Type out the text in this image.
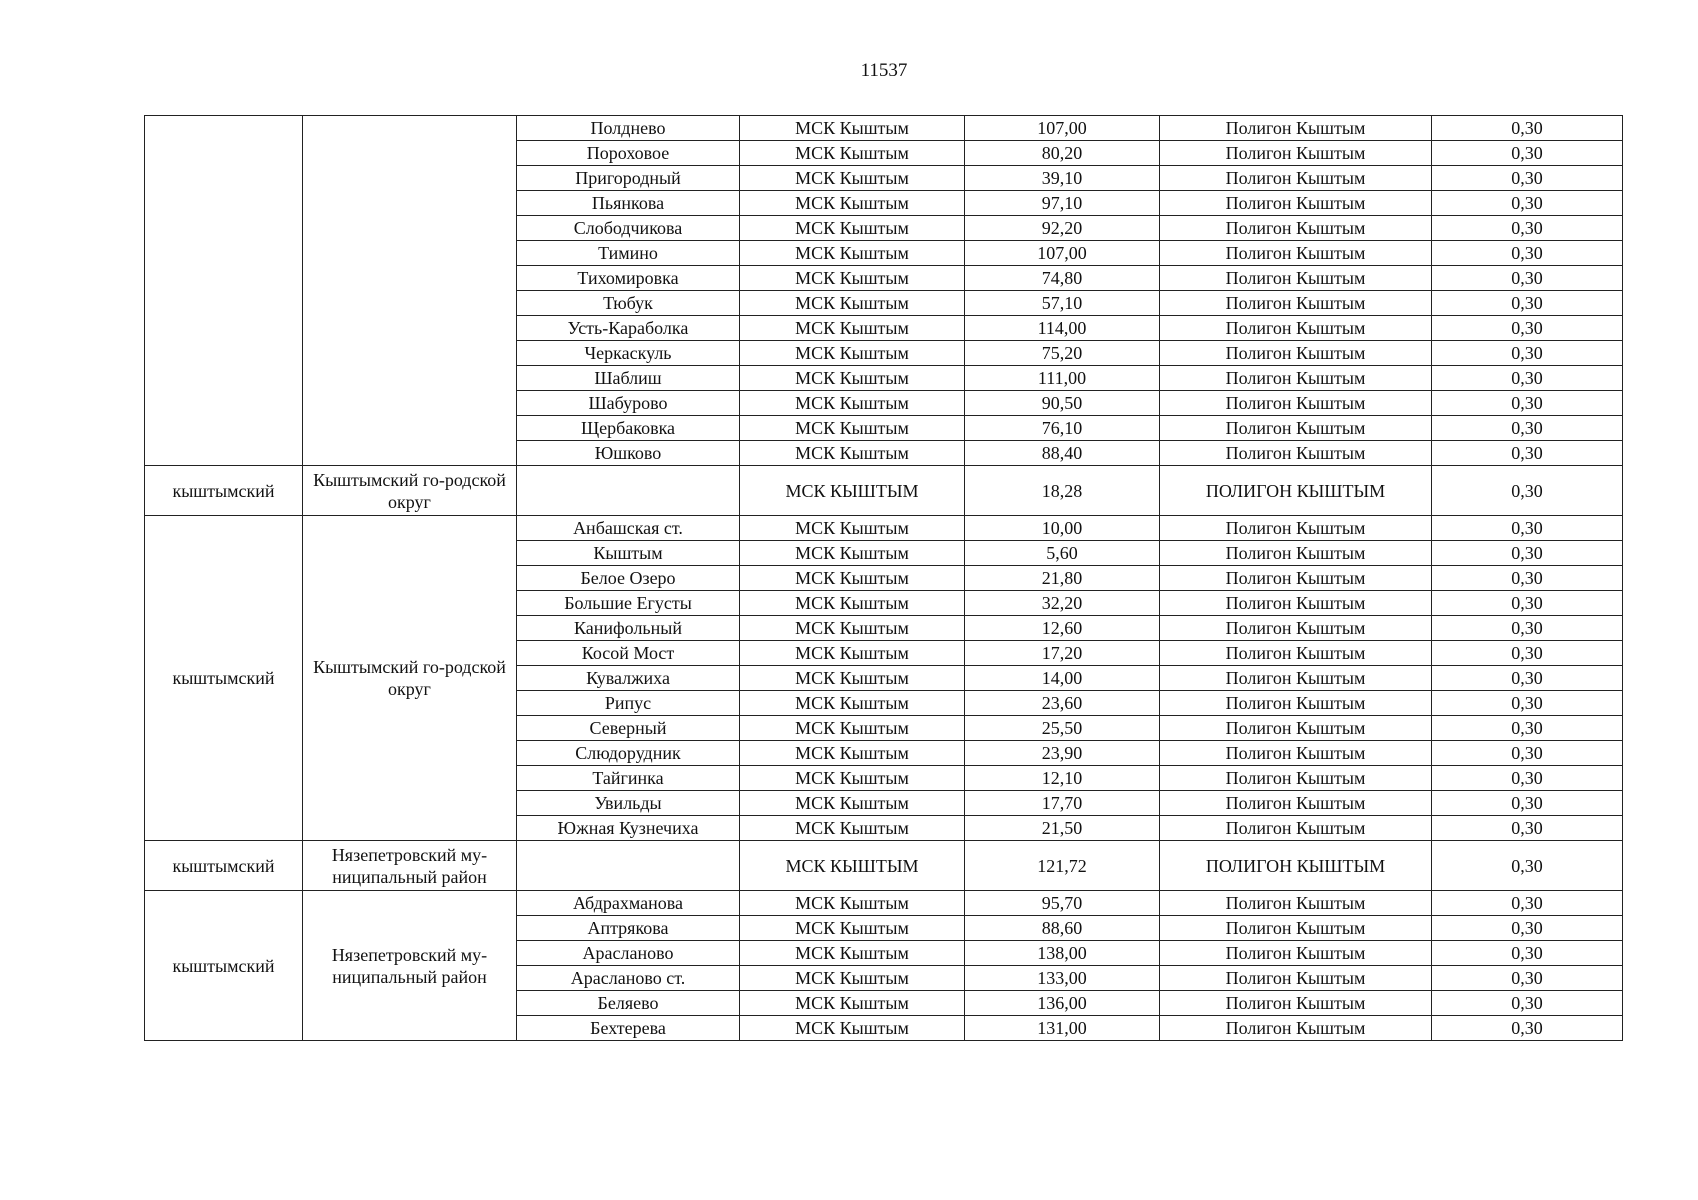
11537
		Полднево	МСК Кыштым	107,00	Полигон Кыштым	0,30
		Пороховое	МСК Кыштым	80,20	Полигон Кыштым	0,30
		Пригородный	МСК Кыштым	39,10	Полигон Кыштым	0,30
		Пьянкова	МСК Кыштым	97,10	Полигон Кыштым	0,30
		Слободчикова	МСК Кыштым	92,20	Полигон Кыштым	0,30
		Тимино	МСК Кыштым	107,00	Полигон Кыштым	0,30
		Тихомировка	МСК Кыштым	74,80	Полигон Кыштым	0,30
		Тюбук	МСК Кыштым	57,10	Полигон Кыштым	0,30
		Усть-Караболка	МСК Кыштым	114,00	Полигон Кыштым	0,30
		Черкаскуль	МСК Кыштым	75,20	Полигон Кыштым	0,30
		Шаблиш	МСК Кыштым	111,00	Полигон Кыштым	0,30
		Шабурово	МСК Кыштым	90,50	Полигон Кыштым	0,30
		Щербаковка	МСК Кыштым	76,10	Полигон Кыштым	0,30
		Юшково	МСК Кыштым	88,40	Полигон Кыштым	0,30
кыштымский	Кыштымский го-родской округ		МСК КЫШТЫМ	18,28	ПОЛИГОН КЫШТЫМ	0,30
кыштымский	Кыштымский го-родской округ	Анбашская ст.	МСК Кыштым	10,00	Полигон Кыштым	0,30
		Кыштым	МСК Кыштым	5,60	Полигон Кыштым	0,30
		Белое Озеро	МСК Кыштым	21,80	Полигон Кыштым	0,30
		Большие Егусты	МСК Кыштым	32,20	Полигон Кыштым	0,30
		Канифольный	МСК Кыштым	12,60	Полигон Кыштым	0,30
		Косой Мост	МСК Кыштым	17,20	Полигон Кыштым	0,30
		Кувалжиха	МСК Кыштым	14,00	Полигон Кыштым	0,30
		Рипус	МСК Кыштым	23,60	Полигон Кыштым	0,30
		Северный	МСК Кыштым	25,50	Полигон Кыштым	0,30
		Слюдорудник	МСК Кыштым	23,90	Полигон Кыштым	0,30
		Тайгинка	МСК Кыштым	12,10	Полигон Кыштым	0,30
		Увильды	МСК Кыштым	17,70	Полигон Кыштым	0,30
		Южная Кузнечиха	МСК Кыштым	21,50	Полигон Кыштым	0,30
кыштымский	Нязепетровский му-ниципальный район		МСК КЫШТЫМ	121,72	ПОЛИГОН КЫШТЫМ	0,30
кыштымский	Нязепетровский му-ниципальный район	Абдрахманова	МСК Кыштым	95,70	Полигон Кыштым	0,30
		Аптрякова	МСК Кыштым	88,60	Полигон Кыштым	0,30
		Арасланово	МСК Кыштым	138,00	Полигон Кыштым	0,30
		Арасланово ст.	МСК Кыштым	133,00	Полигон Кыштым	0,30
		Беляево	МСК Кыштым	136,00	Полигон Кыштым	0,30
		Бехтерева	МСК Кыштым	131,00	Полигон Кыштым	0,30
